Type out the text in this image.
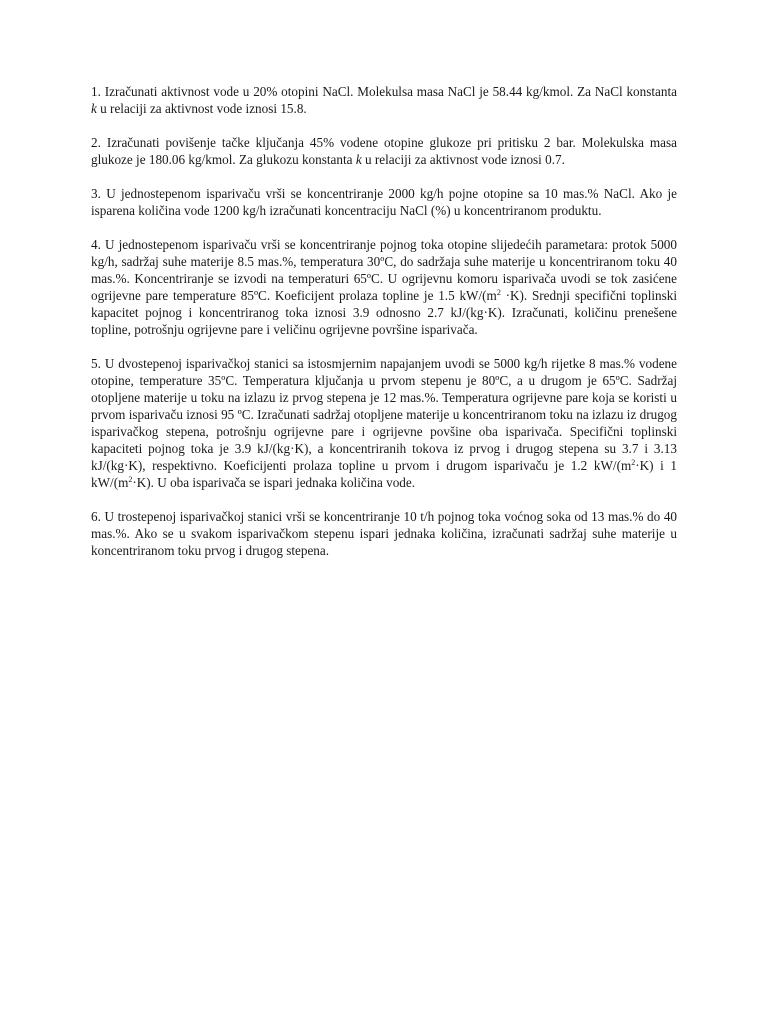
1. Izračunati aktivnost vode u 20% otopini NaCl. Molekulsa masa NaCl je 58.44 kg/kmol. Za NaCl konstanta k u relaciji za aktivnost vode iznosi 15.8.

2. Izračunati povišenje tačke ključanja 45% vodene otopine glukoze pri pritisku 2 bar. Molekulska masa glukoze je 180.06 kg/kmol. Za glukozu konstanta k u relaciji za aktivnost vode iznosi 0.7.

3. U jednostepenom isparivaču vrši se koncentriranje 2000 kg/h pojne otopine sa 10 mas.% NaCl. Ako je isparena količina vode 1200 kg/h izračunati koncentraciju NaCl (%) u koncentriranom produktu.

4. U jednostepenom isparivaču vrši se koncentriranje pojnog toka otopine slijedećih parametara: protok 5000 kg/h, sadržaj suhe materije 8.5 mas.%, temperatura 30ºC, do sadržaja suhe materije u koncentriranom toku 40 mas.%. Koncentriranje se izvodi na temperaturi 65ºC. U ogrijevnu komoru isparivača uvodi se tok zasićene ogrijevne pare temperature 85ºC. Koeficijent prolaza topline je 1.5 $kW/(m^2 \cdot K)$. Srednji specifični toplinski kapacitet pojnog i koncentriranog toka iznosi 3.9 odnosno 2.7 kJ/(kg·K). Izračunati, količinu prenešene topline, potrošnju ogrijevne pare i veličinu ogrijevne površine isparivača.

5. U dvostepenoj isparivačkoj stanici sa istosmjernim napajanjem uvodi se 5000 kg/h rijetke 8 mas.% vodene otopine, temperature 35ºC. Temperatura ključanja u prvom stepenu je 80ºC, a u drugom je 65ºC. Sadržaj otopljene materije u toku na izlazu iz prvog stepena je 12 mas.%. Temperatura ogrijevne pare koja se koristi u prvom isparivaču iznosi 95 ºC. Izračunati sadržaj otopljene materije u koncentriranom toku na izlazu iz drugog isparivačkog stepena, potrošnju ogrijevne pare i ogrijevne povšine oba isparivača. Specifični toplinski kapaciteti pojnog toka je 3.9 kJ/(kg·K), a koncentriranih tokova iz prvog i drugog stepena su 3.7 i 3.13 kJ/(kg·K), respektivno. Koeficijenti prolaza topline u prvom i drugom isparivaču je 1.2 $kW/(m^2\cdot K)$ i 1 $kW/(m^2\cdot K)$. U oba isparivača se ispari jednaka količina vode.

6. U trostepenoj isparivačkoj stanici vrši se koncentriranje 10 t/h pojnog toka voćnog soka od 13 mas.% do 40 mas.%. Ako se u svakom isparivačkom stepenu ispari jednaka količina, izračunati sadržaj suhe materije u koncentriranom toku prvog i drugog stepena.
